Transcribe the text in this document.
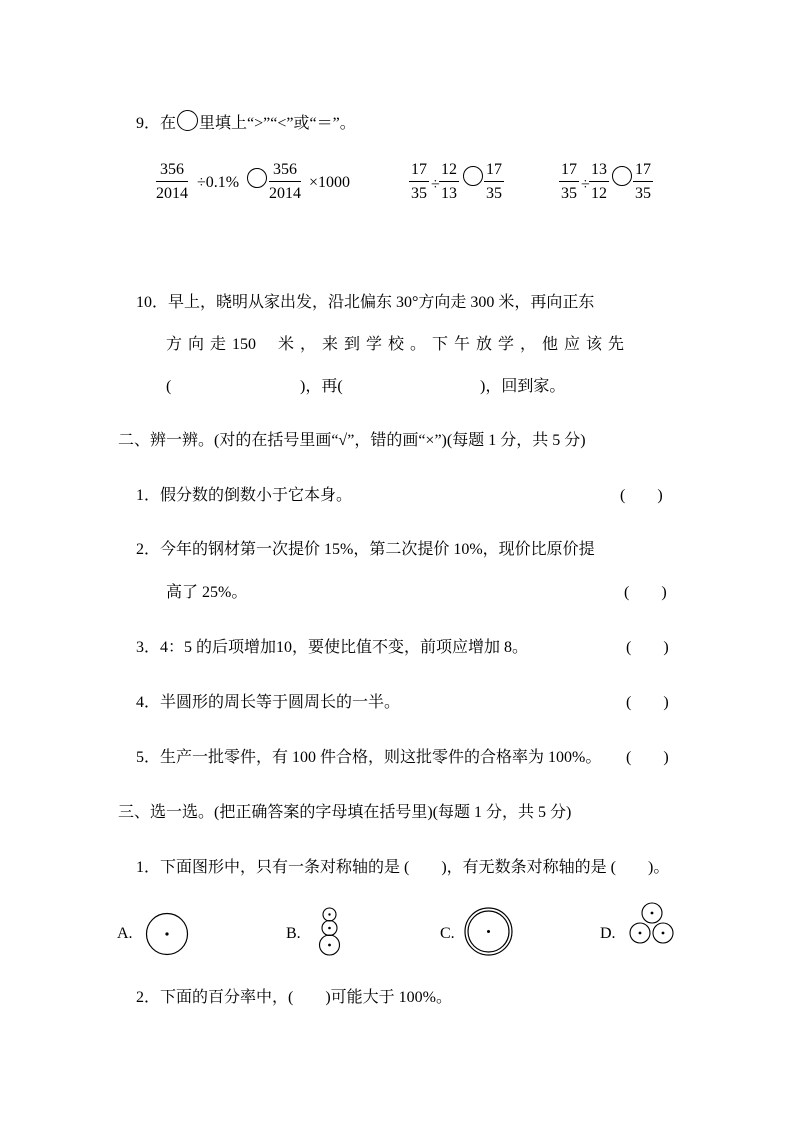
9．在 里填上“>”“<”或“＝”。
$\frac{356}{2014} \div 0.1\% \frac{356}{2014} \times 1000$	$\frac{17}{35} \div \frac{12}{13} \frac{17}{35}$	$\frac{17}{35} \div \frac{13}{12} \frac{17}{35}$
10．早上，晓明从家出发，沿北偏东 30°方向走 300 米，再向正东
方 向 走 150　 米 ， 来 到 学 校 。 下 午 放 学 ， 他 应 该 先
(	)，再(	)，回到家。
二、辨一辨。(对的在括号里画“√”，错的画“×”)(每题 1 分，共 5 分)
1．假分数的倒数小于它本身。	(　　)
2．今年的钢材第一次提价 15%，第二次提价 10%，现价比原价提
高了 25%。	(　　)
3．4：5 的后项增加10，要使比值不变，前项应增加 8。	(　　)
4．半圆形的周长等于圆周长的一半。	(　　)
5．生产一批零件，有 100 件合格，则这批零件的合格率为 100%。 (　　)
三、选一选。(把正确答案的字母填在括号里)(每题 1 分，共 5 分)
1．下面图形中，只有一条对称轴的是 (　　)，有无数条对称轴的是 (　　)。
A.	B.	C.	D.
2．下面的百分率中，(　　)可能大于 100%。
